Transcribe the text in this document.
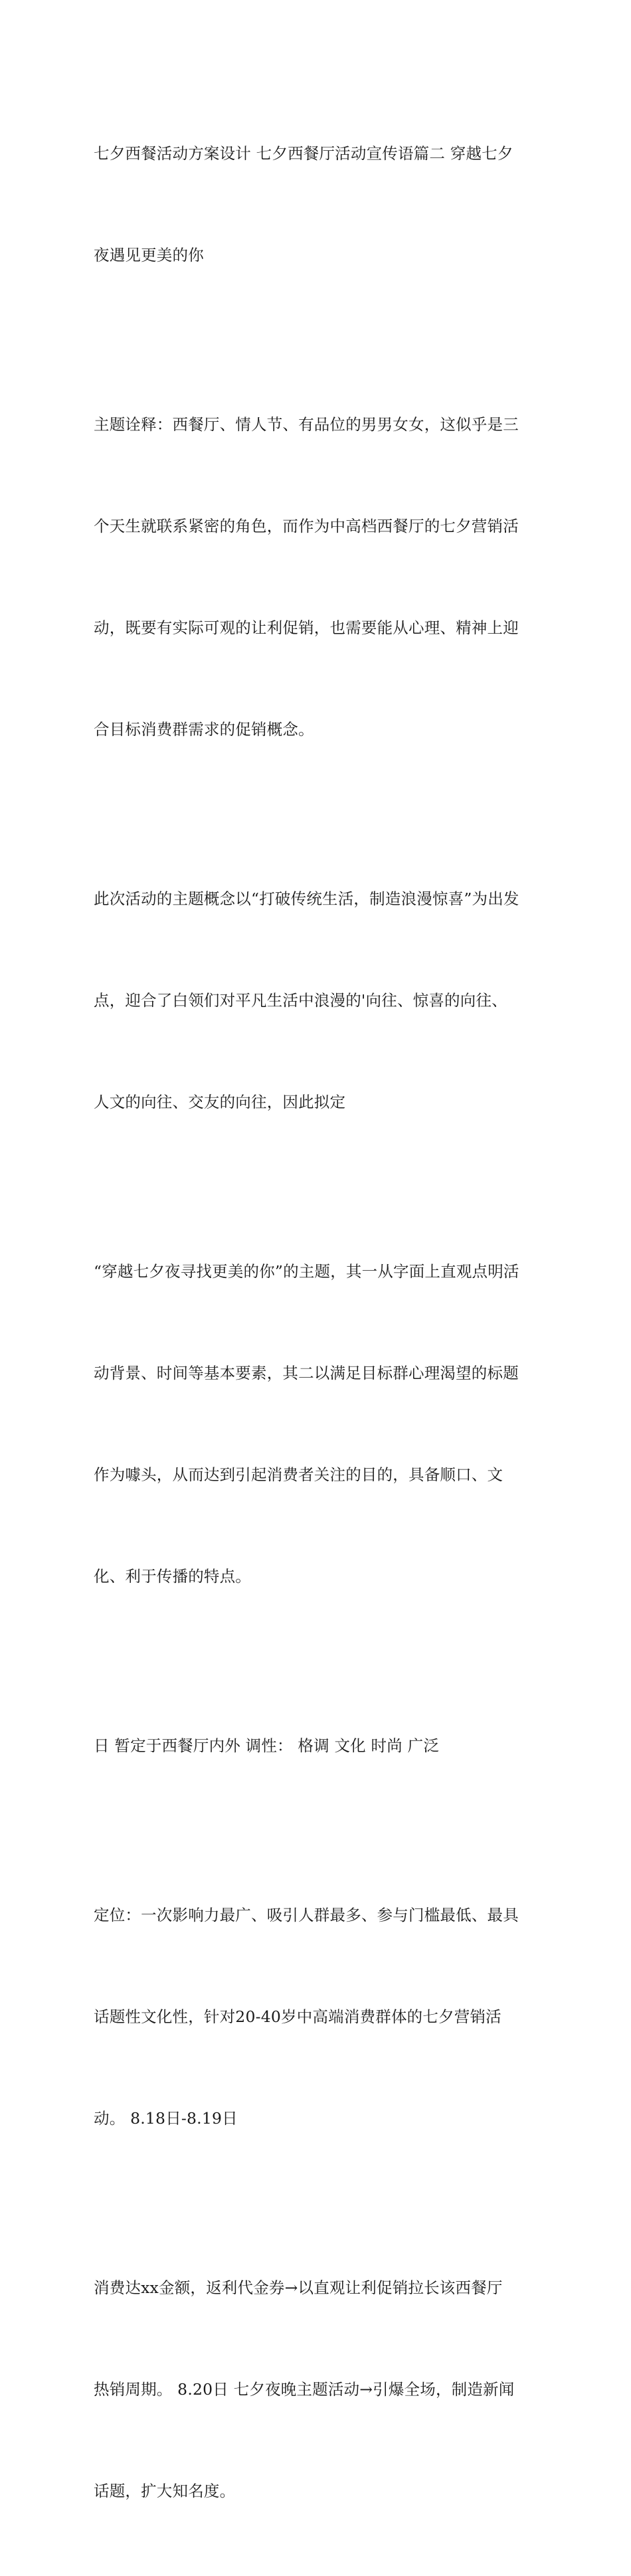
七夕西餐活动方案设计 七夕西餐厅活动宣传语篇二 穿越七夕

夜遇见更美的你

主题诠释：西餐厅、情人节、有品位的男男女女，这似乎是三

个天生就联系紧密的角色，而作为中高档西餐厅的七夕营销活

动，既要有实际可观的让利促销，也需要能从心理、精神上迎

合目标消费群需求的促销概念。

此次活动的主题概念以“打破传统生活，制造浪漫惊喜”为出发

点，迎合了白领们对平凡生活中浪漫的'向往、惊喜的向往、

人文的向往、交友的向往，因此拟定

“穿越七夕夜寻找更美的你”的主题，其一从字面上直观点明活

动背景、时间等基本要素，其二以满足目标群心理渴望的标题

作为噱头，从而达到引起消费者关注的目的，具备顺口、文

化、利于传播的特点。

日 暂定于西餐厅内外 调性： 格调 文化 时尚 广泛

定位：一次影响力最广、吸引人群最多、参与门槛最低、最具

话题性文化性，针对20-40岁中高端消费群体的七夕营销活

动。 8.18日-8.19日

消费达xx金额，返利代金券→以直观让利促销拉长该西餐厅

热销周期。 8.20日 七夕夜晚主题活动→引爆全场，制造新闻

话题，扩大知名度。
